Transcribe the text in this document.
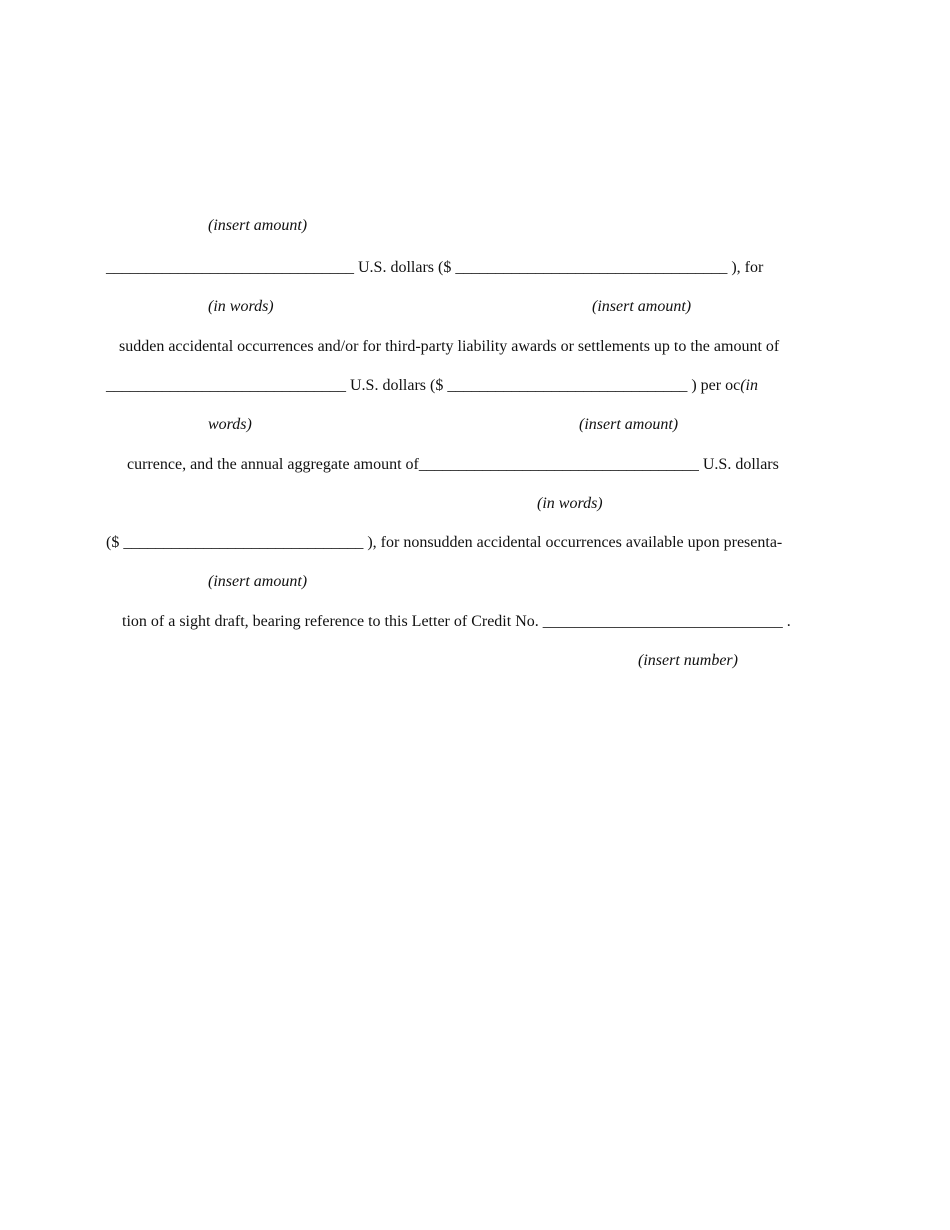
(insert amount)
_______________________________ U.S. dollars ($ __________________________________ ), for
(in words)	(insert amount)
sudden accidental occurrences and/or for third-party liability awards or settlements up to the amount of
______________________________ U.S. dollars ($ ______________________________ ) per oc(in
words)	(insert amount)
currence, and the annual aggregate amount of___________________________________ U.S. dollars
(in words)
($ ______________________________ ), for nonsudden accidental occurrences available upon presenta-
(insert amount)
tion of a sight draft, bearing reference to this Letter of Credit No. ______________________________ .
(insert number)
